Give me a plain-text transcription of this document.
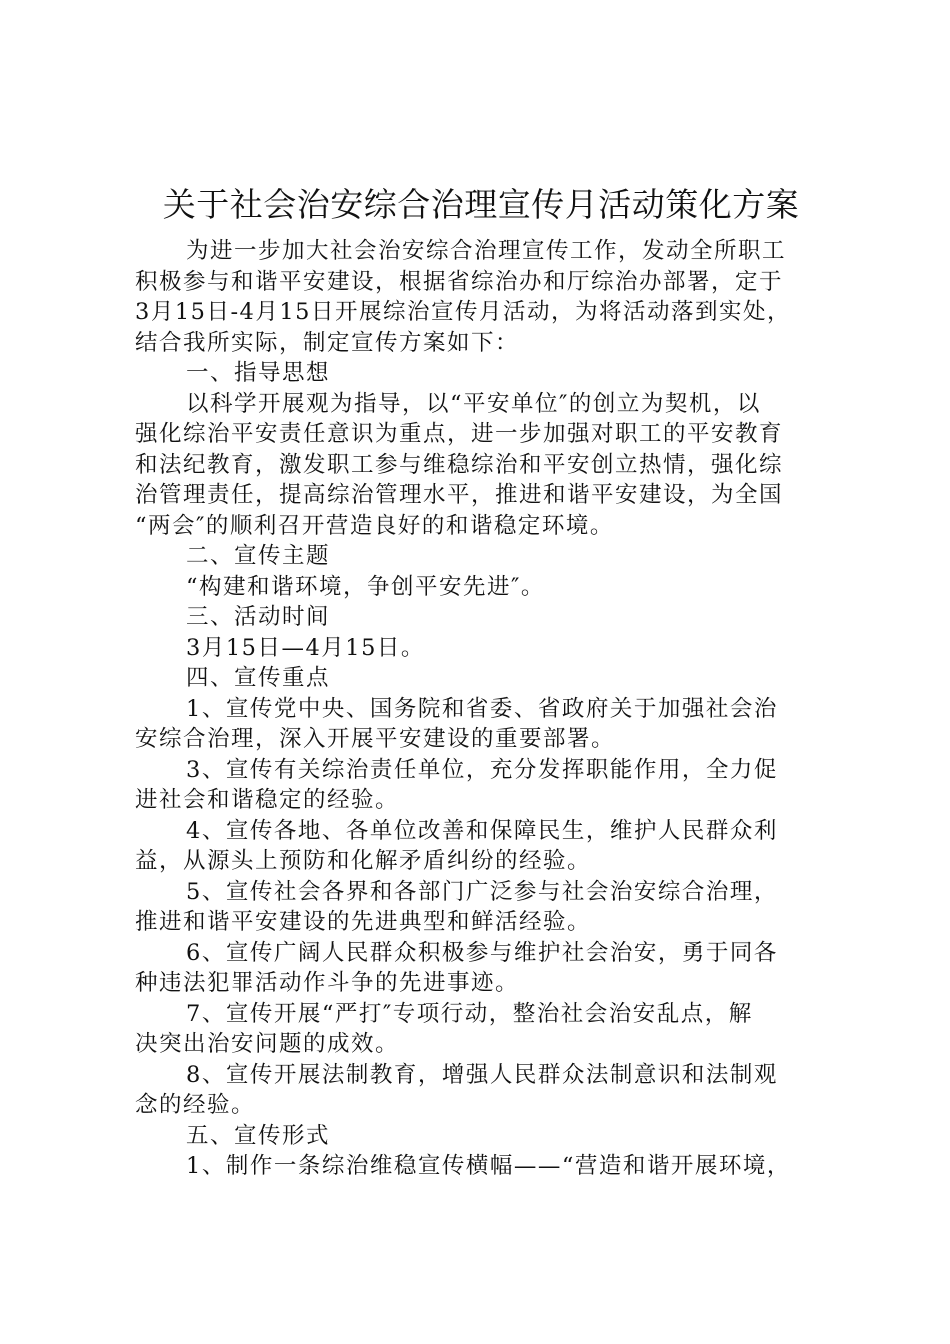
关于社会治安综合治理宣传月活动策化方案
为进一步加大社会治安综合治理宣传工作，发动全所职工
积极参与和谐平安建设，根据省综治办和厅综治办部署，定于
3月15日-4月15日开展综治宣传月活动，为将活动落到实处，
结合我所实际，制定宣传方案如下：
一、指导思想
以科学开展观为指导，以“平安单位″的创立为契机，以
强化综治平安责任意识为重点，进一步加强对职工的平安教育
和法纪教育，激发职工参与维稳综治和平安创立热情，强化综
治管理责任，提高综治管理水平，推进和谐平安建设，为全国
“两会″的顺利召开营造良好的和谐稳定环境。
二、宣传主题
“构建和谐环境，争创平安先进″。
三、活动时间
3月15日—4月15日。
四、宣传重点
1、宣传党中央、国务院和省委、省政府关于加强社会治
安综合治理，深入开展平安建设的重要部署。
3、宣传有关综治责任单位，充分发挥职能作用，全力促
进社会和谐稳定的经验。
4、宣传各地、各单位改善和保障民生，维护人民群众利
益，从源头上预防和化解矛盾纠纷的经验。
5、宣传社会各界和各部门广泛参与社会治安综合治理，
推进和谐平安建设的先进典型和鲜活经验。
6、宣传广阔人民群众积极参与维护社会治安，勇于同各
种违法犯罪活动作斗争的先进事迹。
7、宣传开展“严打″专项行动，整治社会治安乱点，解
决突出治安问题的成效。
8、宣传开展法制教育，增强人民群众法制意识和法制观
念的经验。
五、宣传形式
1、制作一条综治维稳宣传横幅——“营造和谐开展环境，
